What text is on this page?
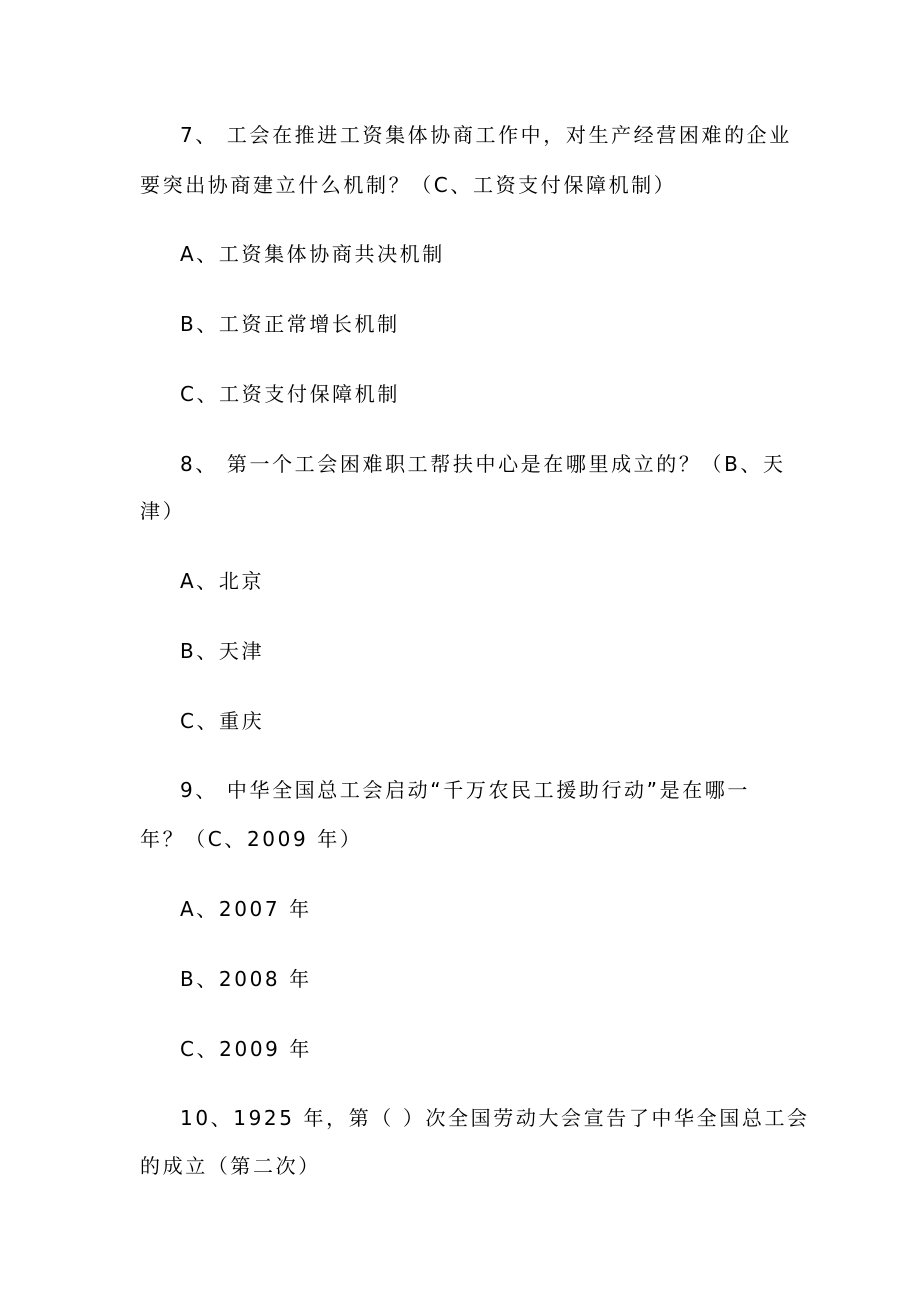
7、 工会在推进工资集体协商工作中，对生产经营困难的企业
要突出协商建立什么机制？（C、工资支付保障机制）
A、工资集体协商共决机制
B、工资正常增长机制
C、工资支付保障机制
8、 第一个工会困难职工帮扶中心是在哪里成立的？（B、天
津）
A、北京
B、天津
C、重庆
9、 中华全国总工会启动“千万农民工援助行动”是在哪一
年？（C、2009 年）
A、2007 年
B、2008 年
C、2009 年
10、1925 年，第（ ）次全国劳动大会宣告了中华全国总工会
的成立（第二次）
